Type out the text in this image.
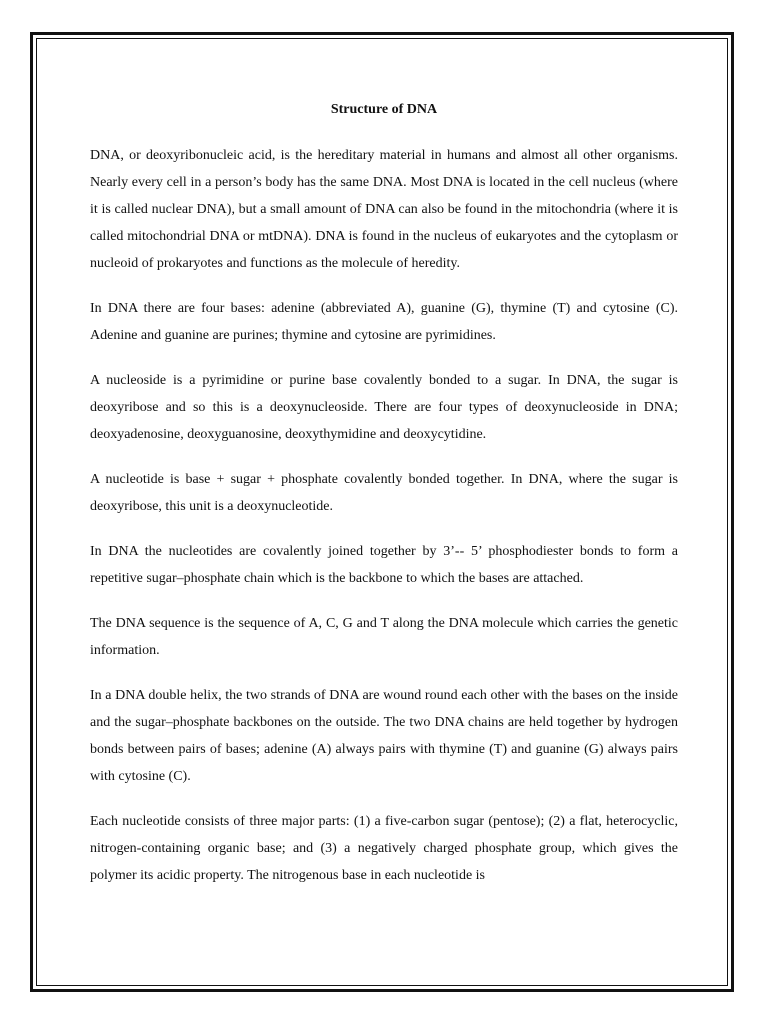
Structure of DNA

DNA, or deoxyribonucleic acid, is the hereditary material in humans and almost all other organisms. Nearly every cell in a person’s body has the same DNA. Most DNA is located in the cell nucleus (where it is called nuclear DNA), but a small amount of DNA can also be found in the mitochondria (where it is called mitochondrial DNA or mtDNA). DNA is found in the nucleus of eukaryotes and the cytoplasm or nucleoid of prokaryotes and functions as the molecule of heredity.

In DNA there are four bases: adenine (abbreviated A), guanine (G), thymine (T) and cytosine (C). Adenine and guanine are purines; thymine and cytosine are pyrimidines.

A nucleoside is a pyrimidine or purine base covalently bonded to a sugar. In DNA, the sugar is deoxyribose and so this is a deoxynucleoside. There are four types of deoxynucleoside in DNA; deoxyadenosine, deoxyguanosine, deoxythymidine and deoxycytidine.

A nucleotide is base + sugar + phosphate covalently bonded together. In DNA, where the sugar is deoxyribose, this unit is a deoxynucleotide.

In DNA the nucleotides are covalently joined together by 3’-- 5’ phosphodiester bonds to form a repetitive sugar–phosphate chain which is the backbone to which the bases are attached.

The DNA sequence is the sequence of A, C, G and T along the DNA molecule which carries the genetic information.

In a DNA double helix, the two strands of DNA are wound round each other with the bases on the inside and the sugar–phosphate backbones on the outside. The two DNA chains are held together by hydrogen bonds between pairs of bases; adenine (A) always pairs with thymine (T) and guanine (G) always pairs with cytosine (C).

Each nucleotide consists of three major parts: (1) a five-carbon sugar (pentose); (2) a flat, heterocyclic, nitrogen-containing organic base; and (3) a negatively charged phosphate group, which gives the polymer its acidic property. The nitrogenous base in each nucleotide is
